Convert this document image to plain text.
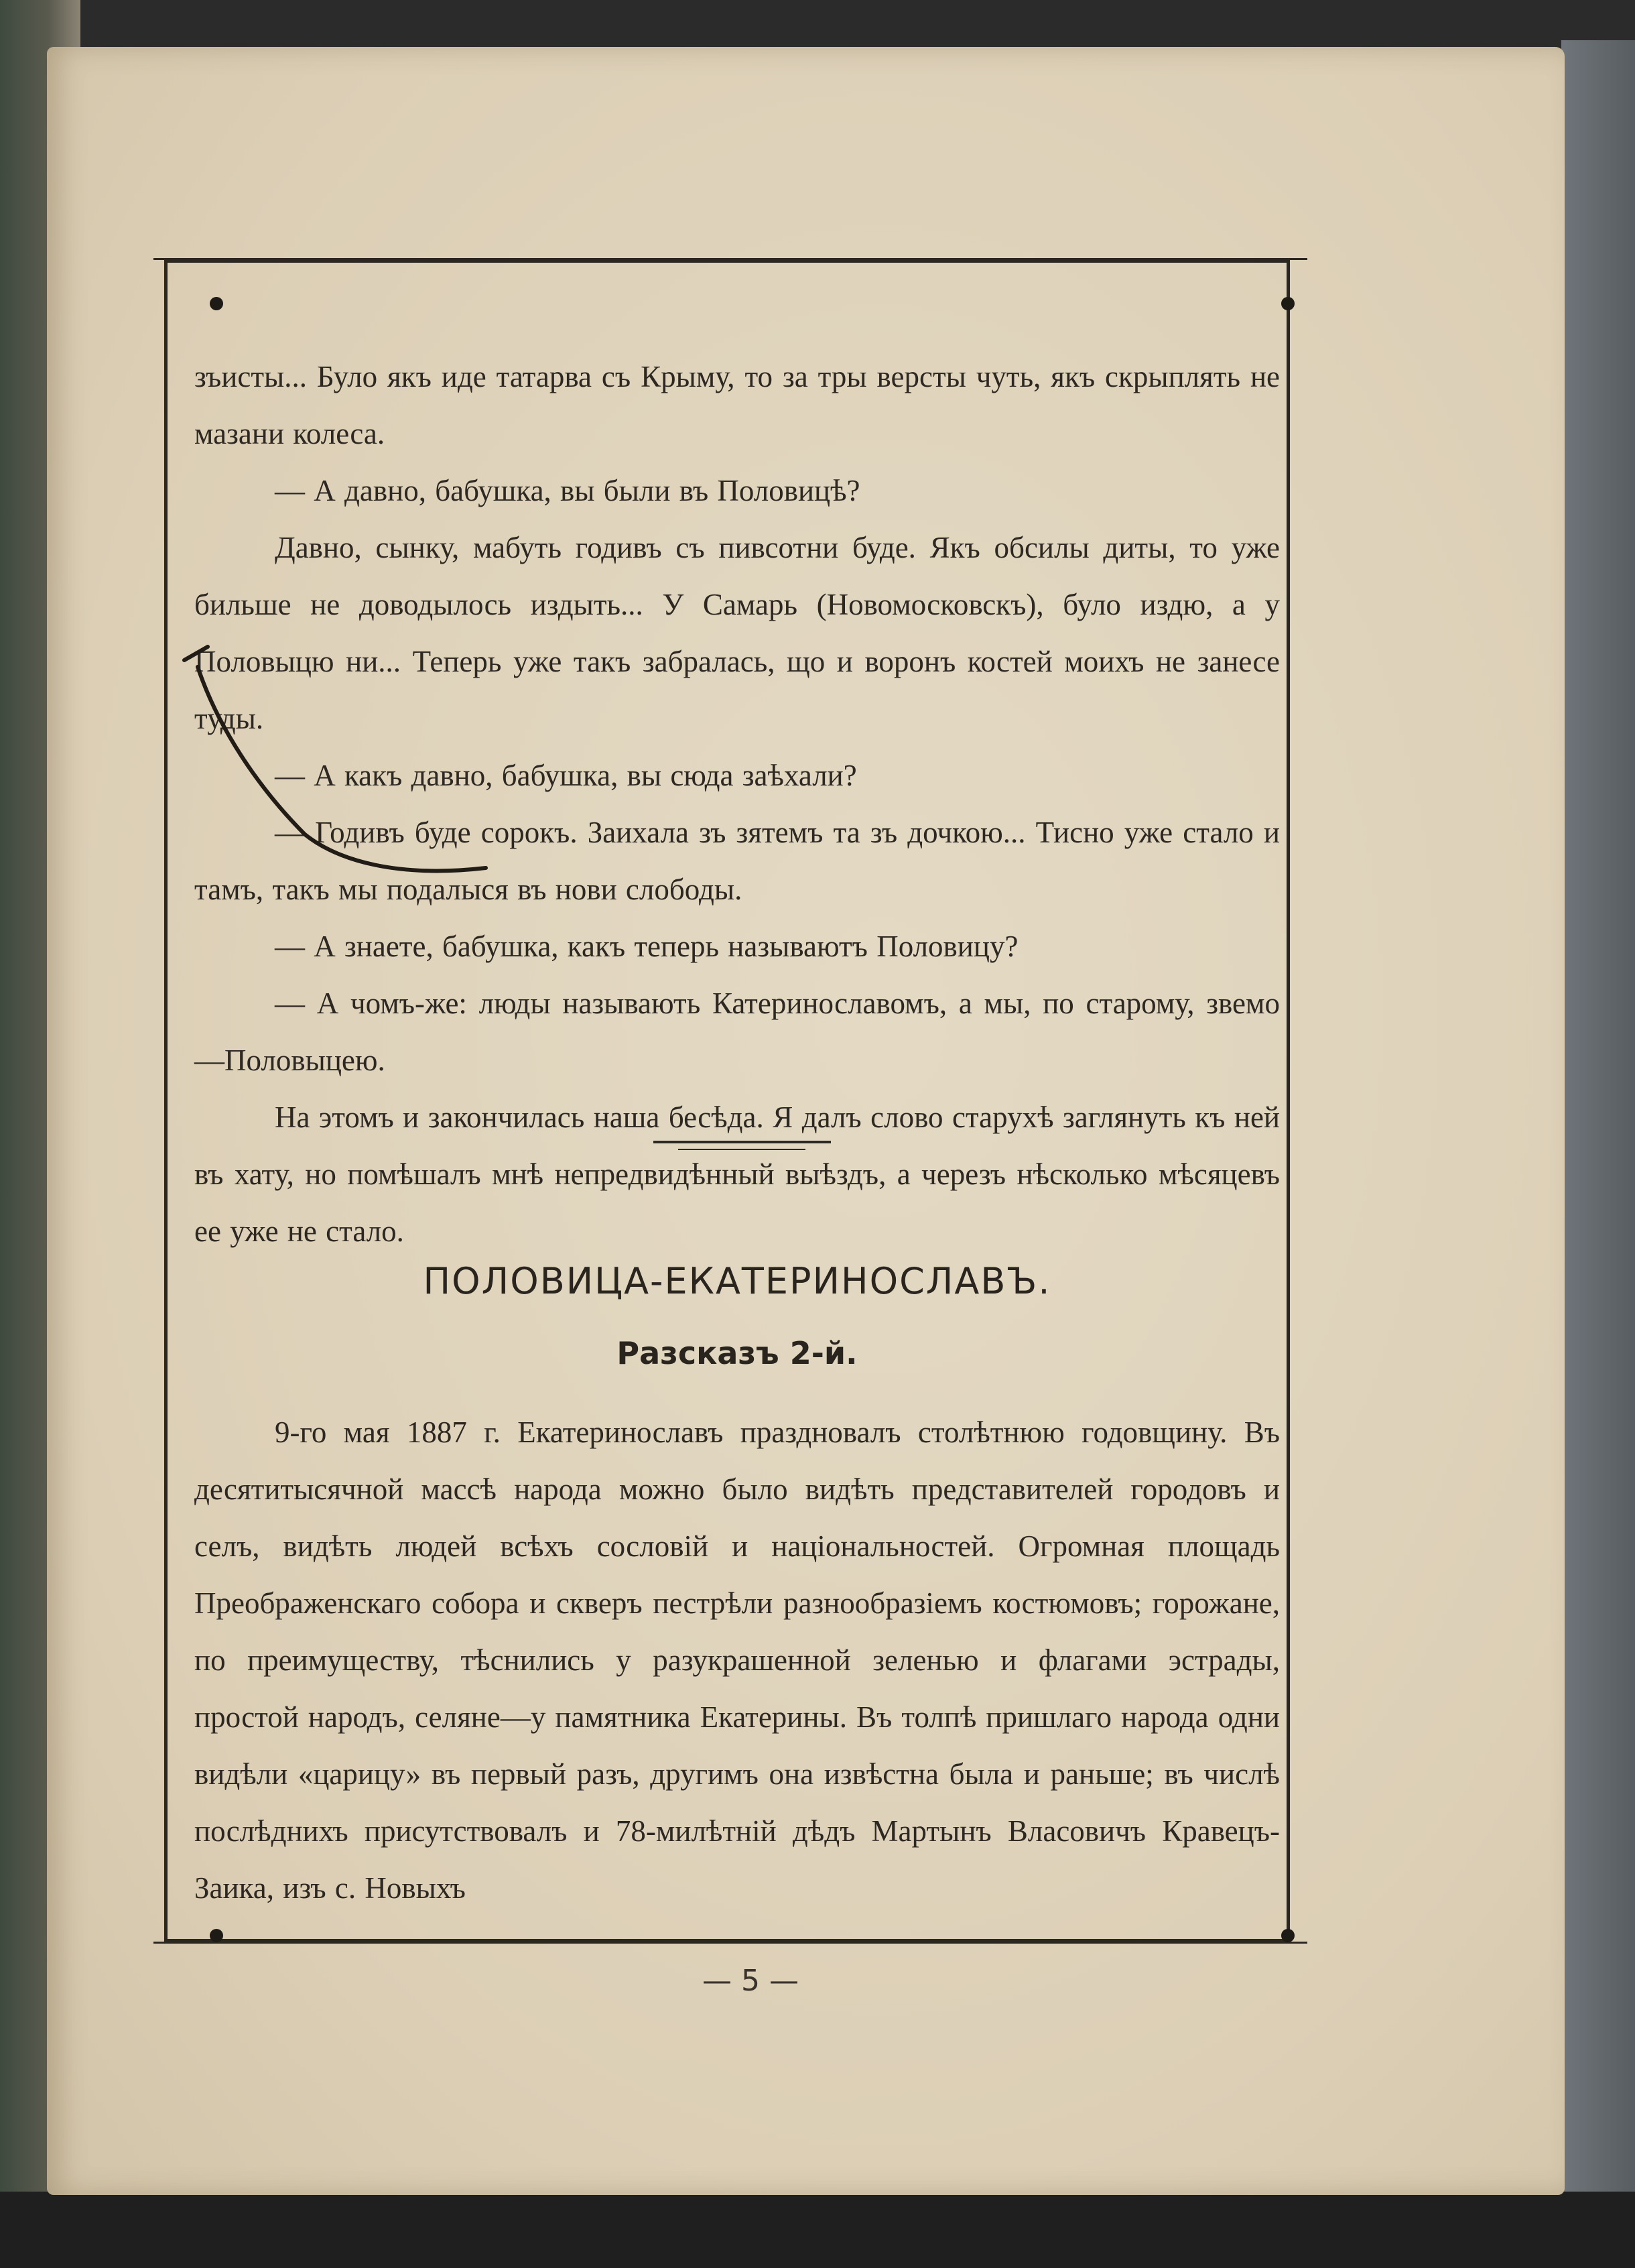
зъисты... Було якъ иде татарва съ Крыму, то за тры версты чуть, якъ скрыплять не мазани колеса.

— А давно, бабушка, вы были въ Половицѣ?

Давно, сынку, мабуть годивъ съ пивсотни буде. Якъ обсилы диты, то уже бильше не доводылось издыть... У Самарь (Новомосковскъ), було издю, а у Половыцю ни... Теперь уже такъ забралась, що и воронъ костей моихъ не занесе туды.

— А какъ давно, бабушка, вы сюда заѣхали?

— Годивъ буде сорокъ. Заихала зъ зятемъ та зъ дочкою... Тисно уже стало и тамъ, такъ мы подалыся въ нови слободы.

— А знаете, бабушка, какъ теперь называютъ Половицу?

— А чомъ-же: люды называють Катеринославомъ, а мы, по старому, звемо—Половыцею.

На этомъ и закончилась наша бесѣда. Я далъ слово старухѣ заглянуть къ ней въ хату, но помѣшалъ мнѣ непредвидѣнный выѣздъ, а черезъ нѣсколько мѣсяцевъ ее уже не стало.

ПОЛОВИЦА-ЕКАТЕРИНОСЛАВЪ.
Разсказъ 2-й.

9-го мая 1887 г. Екатеринославъ праздновалъ столѣтнюю годовщину. Въ десятитысячной массѣ народа можно было видѣть представителей городовъ и селъ, видѣть людей всѣхъ сословій и національностей. Огромная площадь Преображенскаго собора и скверъ пестрѣли разнообразіемъ костюмовъ; горожане, по преимуществу, тѣснились у разукрашенной зеленью и флагами эстрады, простой народъ, селяне—у памятника Екатерины. Въ толпѣ пришлаго народа одни видѣли «царицу» въ первый разъ, другимъ она извѣстна была и раньше; въ числѣ послѣднихъ присутствовалъ и 78-милѣтній дѣдъ Мартынъ Власовичъ Кравецъ-Заика, изъ с. Новыхъ

— 5 —
